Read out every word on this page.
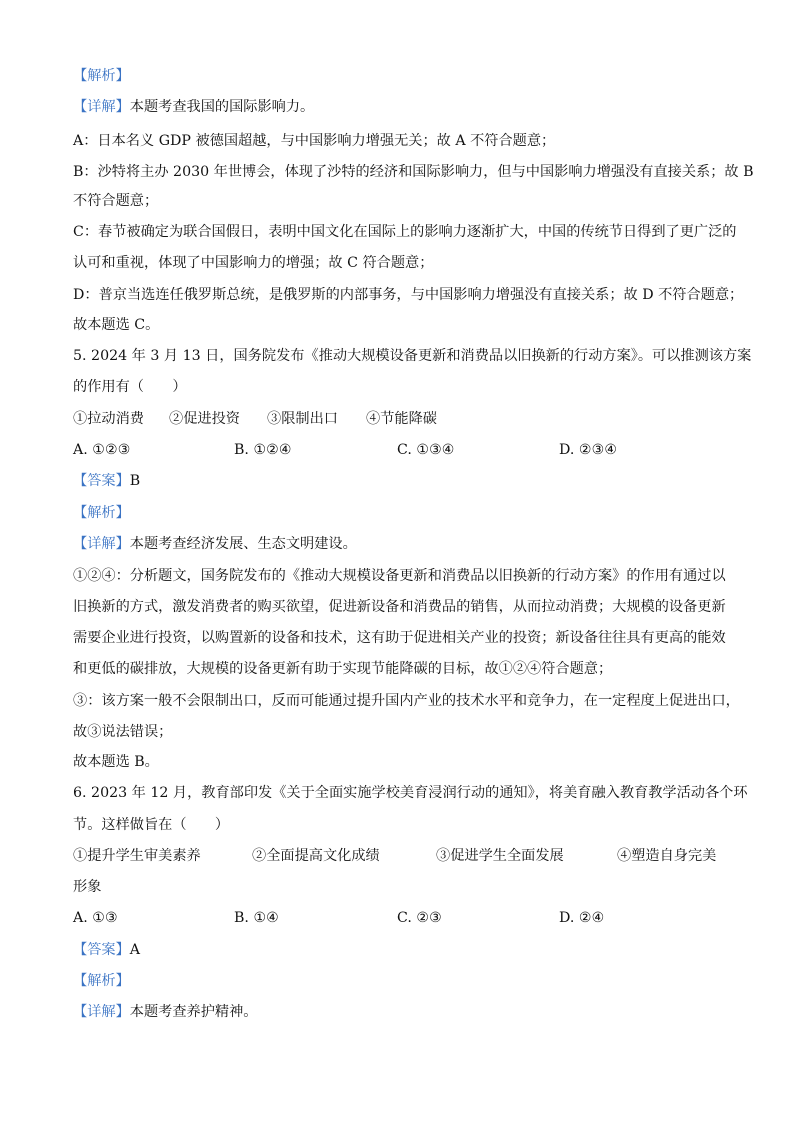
【解析】
【详解】本题考查我国的国际影响力。
A：日本名义 GDP 被德国超越，与中国影响力增强无关；故 A 不符合题意；
B：沙特将主办 2030 年世博会，体现了沙特的经济和国际影响力，但与中国影响力增强没有直接关系；故 B
不符合题意；
C：春节被确定为联合国假日，表明中国文化在国际上的影响力逐渐扩大，中国的传统节日得到了更广泛的
认可和重视，体现了中国影响力的增强；故 C 符合题意；
D：普京当选连任俄罗斯总统，是俄罗斯的内部事务，与中国影响力增强没有直接关系；故 D 不符合题意；
故本题选 C。
5. 2024 年 3 月 13 日，国务院发布《推动大规模设备更新和消费品以旧换新的行动方案》。可以推测该方案
的作用有（　　）
①拉动消费 ②促进投资 ③限制出口 ④节能降碳
A. ①②③	B. ①②④	C. ①③④	D. ②③④
【答案】B
【解析】
【详解】本题考查经济发展、生态文明建设。
①②④：分析题文，国务院发布的《推动大规模设备更新和消费品以旧换新的行动方案》的作用有通过以
旧换新的方式，激发消费者的购买欲望，促进新设备和消费品的销售，从而拉动消费；大规模的设备更新
需要企业进行投资，以购置新的设备和技术，这有助于促进相关产业的投资；新设备往往具有更高的能效
和更低的碳排放，大规模的设备更新有助于实现节能降碳的目标，故①②④符合题意；
③：该方案一般不会限制出口，反而可能通过提升国内产业的技术水平和竞争力，在一定程度上促进出口，
故③说法错误；
故本题选 B。
6. 2023 年 12 月，教育部印发《关于全面实施学校美育浸润行动的通知》，将美育融入教育教学活动各个环
节。这样做旨在（　　）
①提升学生审美素养	②全面提高文化成绩	③促进学生全面发展	④塑造自身完美
形象
A. ①③	B. ①④	C. ②③	D. ②④
【答案】A
【解析】
【详解】本题考查养护精神。
